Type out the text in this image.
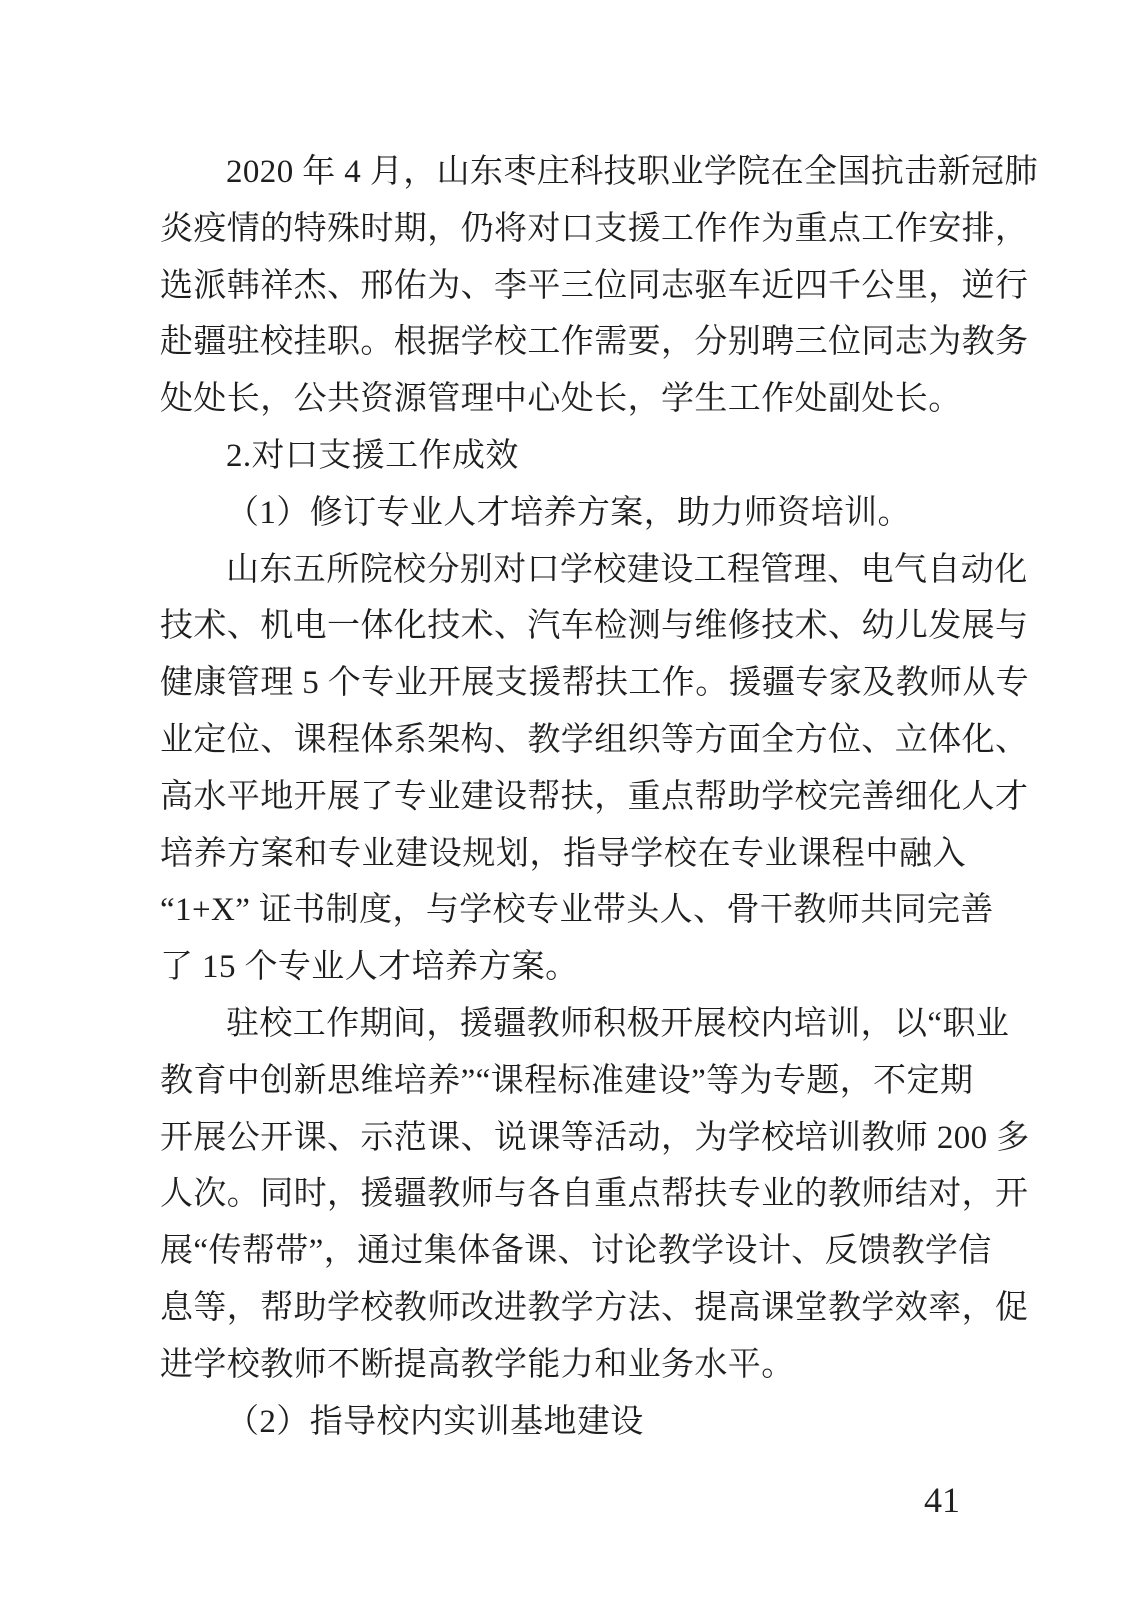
2020 年 4 月，山东枣庄科技职业学院在全国抗击新冠肺
炎疫情的特殊时期，仍将对口支援工作作为重点工作安排，
选派韩祥杰、邢佑为、李平三位同志驱车近四千公里，逆行
赴疆驻校挂职。根据学校工作需要，分别聘三位同志为教务
处处长，公共资源管理中心处长，学生工作处副处长。
2.对口支援工作成效
（1）修订专业人才培养方案，助力师资培训。
山东五所院校分别对口学校建设工程管理、电气自动化
技术、机电一体化技术、汽车检测与维修技术、幼儿发展与
健康管理 5 个专业开展支援帮扶工作。援疆专家及教师从专
业定位、课程体系架构、教学组织等方面全方位、立体化、
高水平地开展了专业建设帮扶，重点帮助学校完善细化人才
培养方案和专业建设规划，指导学校在专业课程中融入
“1+X” 证书制度，与学校专业带头人、骨干教师共同完善
了 15 个专业人才培养方案。
驻校工作期间，援疆教师积极开展校内培训，以“职业
教育中创新思维培养”“课程标准建设”等为专题，不定期
开展公开课、示范课、说课等活动，为学校培训教师 200 多
人次。同时，援疆教师与各自重点帮扶专业的教师结对，开
展“传帮带”，通过集体备课、讨论教学设计、反馈教学信
息等，帮助学校教师改进教学方法、提高课堂教学效率，促
进学校教师不断提高教学能力和业务水平。
（2）指导校内实训基地建设
41
